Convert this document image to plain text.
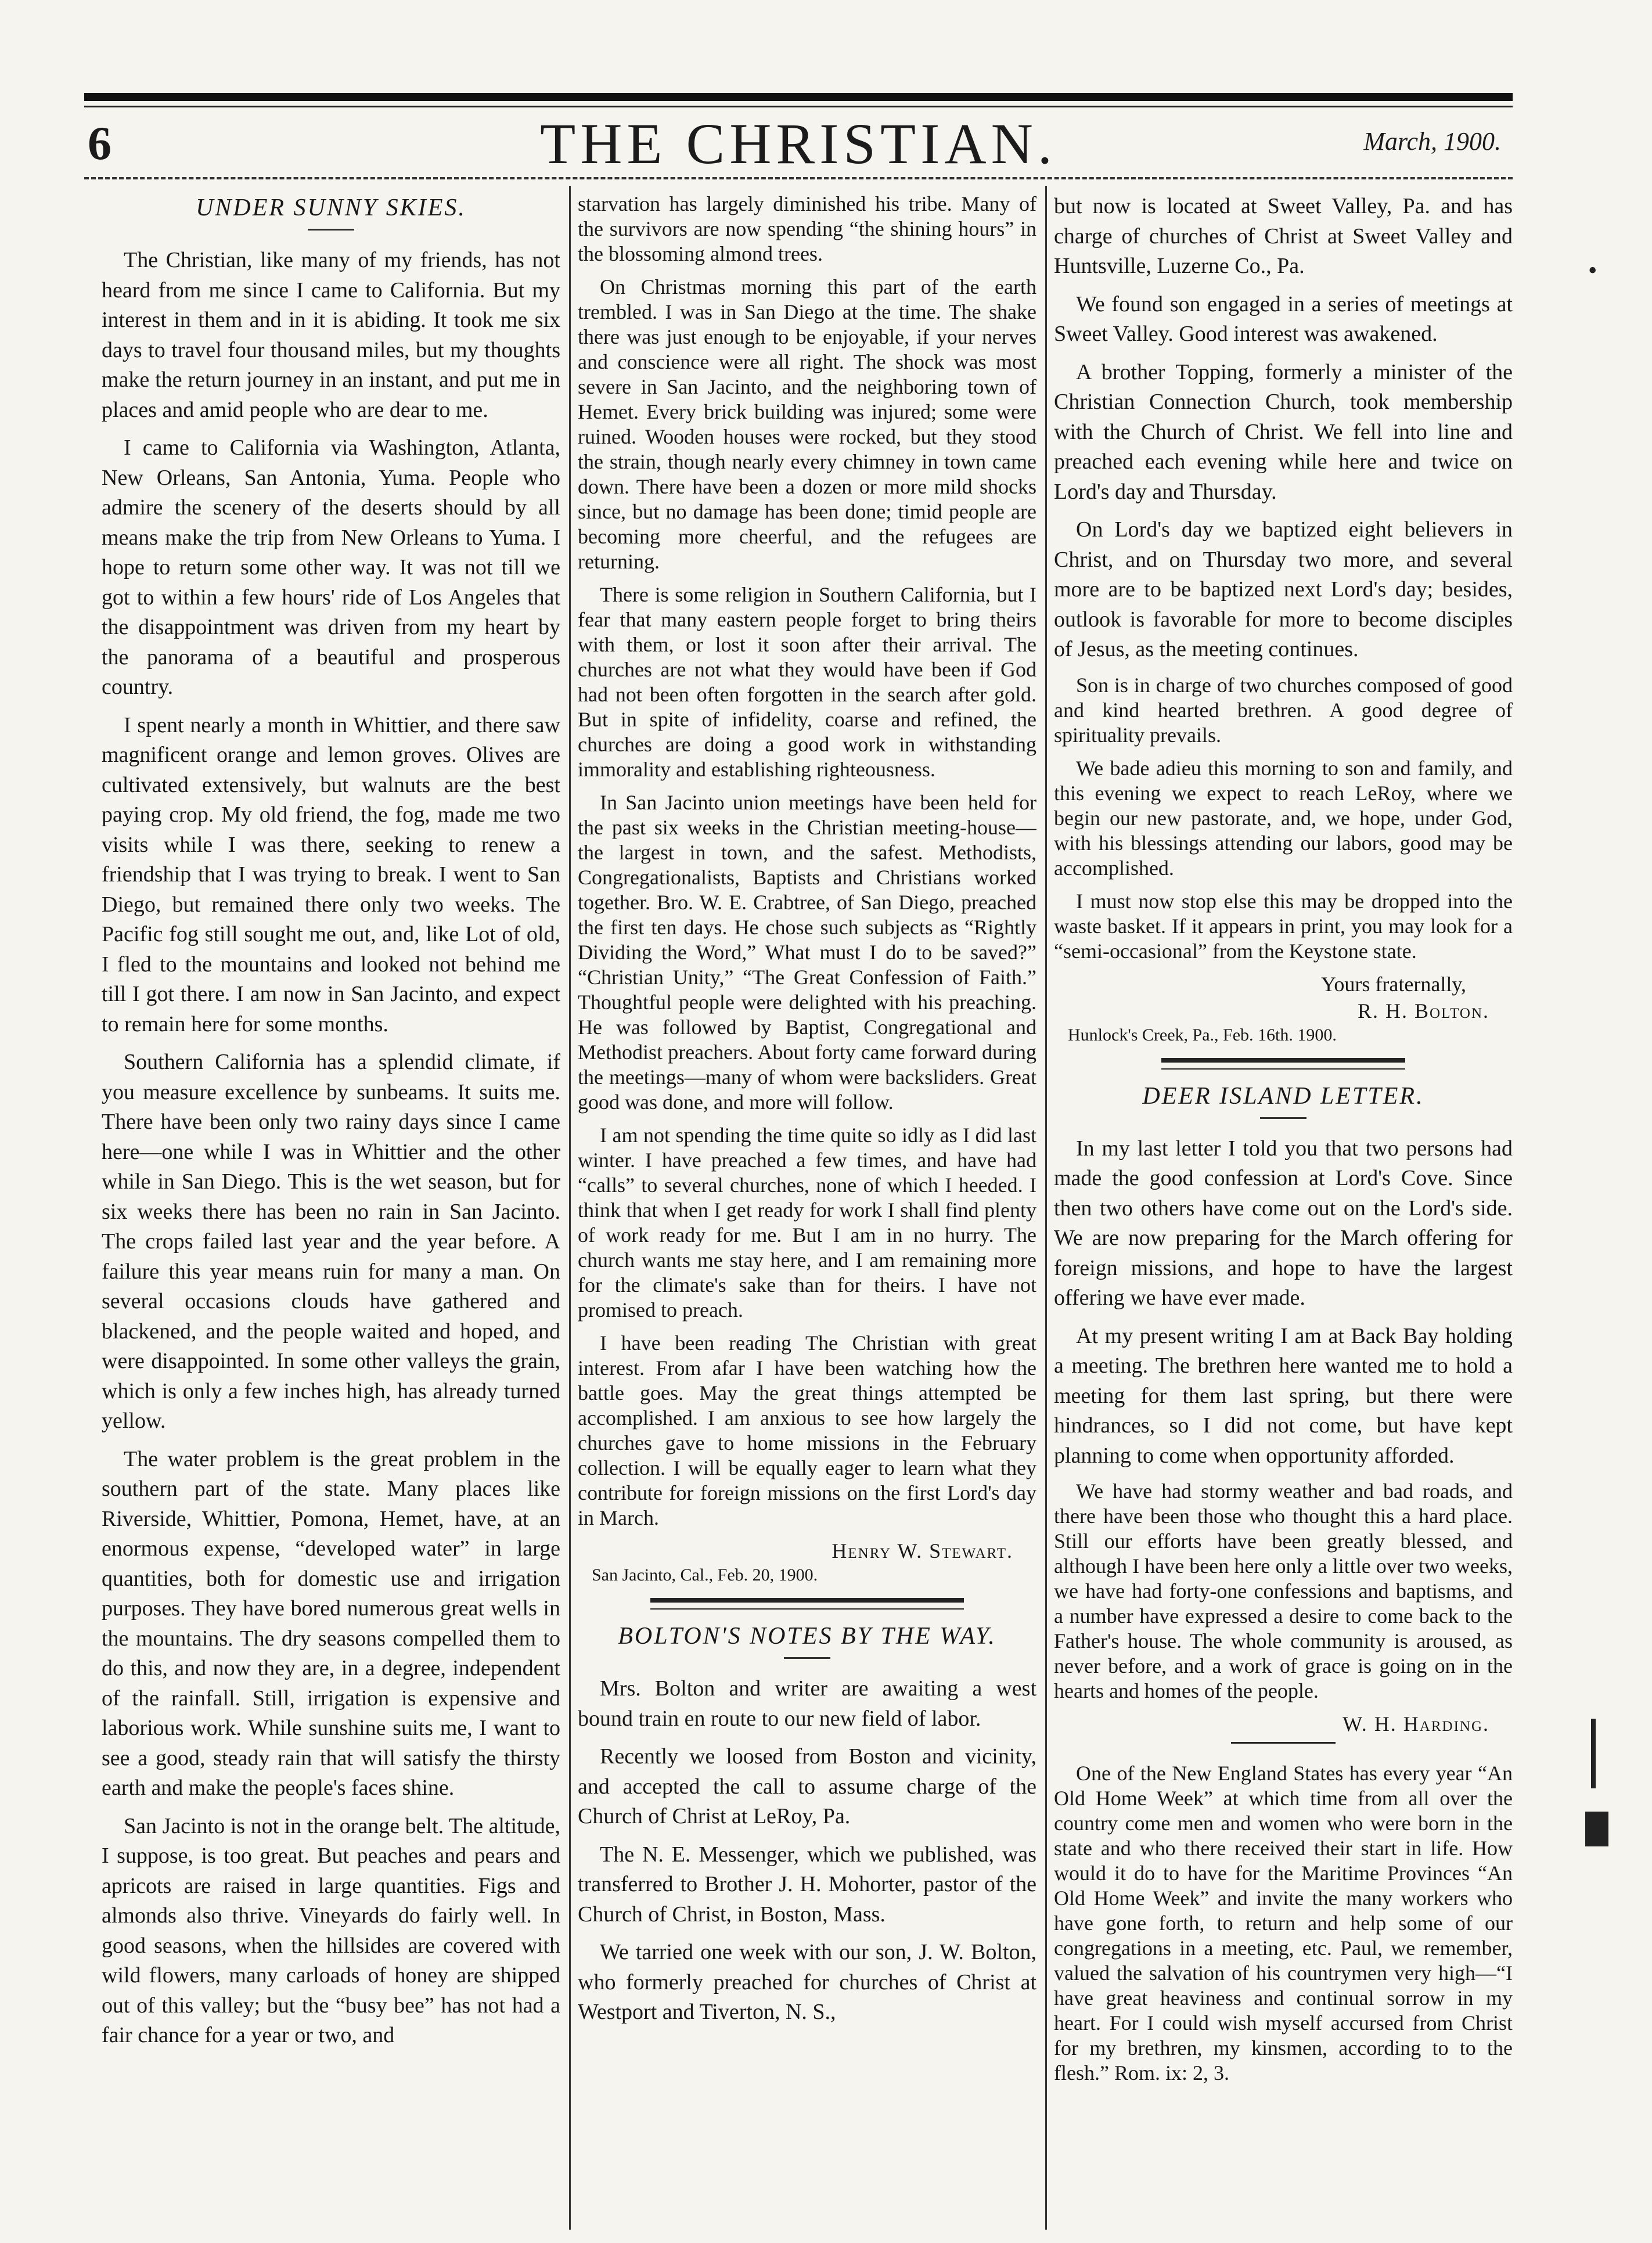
6	THE CHRISTIAN.	March, 1900.
UNDER SUNNY SKIES.

The Christian, like many of my friends, has not heard from me since I came to California. But my interest in them and in it is abiding. It took me six days to travel four thousand miles, but my thoughts make the return journey in an instant, and put me in places and amid people who are dear to me.

I came to California via Washington, Atlanta, New Orleans, San Antonia, Yuma. People who admire the scenery of the deserts should by all means make the trip from New Orleans to Yuma. I hope to return some other way. It was not till we got to within a few hours' ride of Los Angeles that the disappointment was driven from my heart by the panorama of a beautiful and prosperous country.

I spent nearly a month in Whittier, and there saw magnificent orange and lemon groves. Olives are cultivated extensively, but walnuts are the best paying crop. My old friend, the fog, made me two visits while I was there, seeking to renew a friendship that I was trying to break. I went to San Diego, but remained there only two weeks. The Pacific fog still sought me out, and, like Lot of old, I fled to the mountains and looked not behind me till I got there. I am now in San Jacinto, and expect to remain here for some months.

Southern California has a splendid climate, if you measure excellence by sunbeams. It suits me. There have been only two rainy days since I came here—one while I was in Whittier and the other while in San Diego. This is the wet season, but for six weeks there has been no rain in San Jacinto. The crops failed last year and the year before. A failure this year means ruin for many a man. On several occasions clouds have gathered and blackened, and the people waited and hoped, and were disappointed. In some other valleys the grain, which is only a few inches high, has already turned yellow.

The water problem is the great problem in the southern part of the state. Many places like Riverside, Whittier, Pomona, Hemet, have, at an enormous expense, “developed water” in large quantities, both for domestic use and irrigation purposes. They have bored numerous great wells in the mountains. The dry seasons compelled them to do this, and now they are, in a degree, independent of the rainfall. Still, irrigation is expensive and laborious work. While sunshine suits me, I want to see a good, steady rain that will satisfy the thirsty earth and make the people's faces shine.

San Jacinto is not in the orange belt. The altitude, I suppose, is too great. But peaches and pears and apricots are raised in large quantities. Figs and almonds also thrive. Vineyards do fairly well. In good seasons, when the hillsides are covered with wild flowers, many carloads of honey are shipped out of this valley; but the “busy bee” has not had a fair chance for a year or two, and

starvation has largely diminished his tribe. Many of the survivors are now spending “the shining hours” in the blossoming almond trees.

On Christmas morning this part of the earth trembled. I was in San Diego at the time. The shake there was just enough to be enjoyable, if your nerves and conscience were all right. The shock was most severe in San Jacinto, and the neighboring town of Hemet. Every brick building was injured; some were ruined. Wooden houses were rocked, but they stood the strain, though nearly every chimney in town came down. There have been a dozen or more mild shocks since, but no damage has been done; timid people are becoming more cheerful, and the refugees are returning.

There is some religion in Southern California, but I fear that many eastern people forget to bring theirs with them, or lost it soon after their arrival. The churches are not what they would have been if God had not been often forgotten in the search after gold. But in spite of infidelity, coarse and refined, the churches are doing a good work in withstanding immorality and establishing righteousness.

In San Jacinto union meetings have been held for the past six weeks in the Christian meeting-house—the largest in town, and the safest. Methodists, Congregationalists, Baptists and Christians worked together. Bro. W. E. Crabtree, of San Diego, preached the first ten days. He chose such subjects as “Rightly Dividing the Word,” What must I do to be saved?” “Christian Unity,” “The Great Confession of Faith.” Thoughtful people were delighted with his preaching. He was followed by Baptist, Congregational and Methodist preachers. About forty came forward during the meetings—many of whom were backsliders. Great good was done, and more will follow.

I am not spending the time quite so idly as I did last winter. I have preached a few times, and have had “calls” to several churches, none of which I heeded. I think that when I get ready for work I shall find plenty of work ready for me. But I am in no hurry. The church wants me stay here, and I am remaining more for the climate's sake than for theirs. I have not promised to preach.

I have been reading The Christian with great interest. From afar I have been watching how the battle goes. May the great things attempted be accomplished. I am anxious to see how largely the churches gave to home missions in the February collection. I will be equally eager to learn what they contribute for foreign missions on the first Lord's day in March.

Henry W. Stewart.
San Jacinto, Cal., Feb. 20, 1900.
BOLTON'S NOTES BY THE WAY.

Mrs. Bolton and writer are awaiting a west bound train en route to our new field of labor.

Recently we loosed from Boston and vicinity, and accepted the call to assume charge of the Church of Christ at LeRoy, Pa.

The N. E. Messenger, which we published, was transferred to Brother J. H. Mohorter, pastor of the Church of Christ, in Boston, Mass.

We tarried one week with our son, J. W. Bolton, who formerly preached for churches of Christ at Westport and Tiverton, N. S.,

but now is located at Sweet Valley, Pa. and has charge of churches of Christ at Sweet Valley and Huntsville, Luzerne Co., Pa.

We found son engaged in a series of meetings at Sweet Valley. Good interest was awakened.

A brother Topping, formerly a minister of the Christian Connection Church, took membership with the Church of Christ. We fell into line and preached each evening while here and twice on Lord's day and Thursday.

On Lord's day we baptized eight believers in Christ, and on Thursday two more, and several more are to be baptized next Lord's day; besides, outlook is favorable for more to become disciples of Jesus, as the meeting continues.

Son is in charge of two churches composed of good and kind hearted brethren. A good degree of spirituality prevails.

We bade adieu this morning to son and family, and this evening we expect to reach LeRoy, where we begin our new pastorate, and, we hope, under God, with his blessings attending our labors, good may be accomplished.

I must now stop else this may be dropped into the waste basket. If it appears in print, you may look for a “semi-occasional” from the Keystone state.

Yours fraternally,
R. H. Bolton.
Hunlock's Creek, Pa., Feb. 16th. 1900.
DEER ISLAND LETTER.

In my last letter I told you that two persons had made the good confession at Lord's Cove. Since then two others have come out on the Lord's side. We are now preparing for the March offering for foreign missions, and hope to have the largest offering we have ever made.

At my present writing I am at Back Bay holding a meeting. The brethren here wanted me to hold a meeting for them last spring, but there were hindrances, so I did not come, but have kept planning to come when opportunity afforded.

We have had stormy weather and bad roads, and there have been those who thought this a hard place. Still our efforts have been greatly blessed, and although I have been here only a little over two weeks, we have had forty-one confessions and baptisms, and a number have expressed a desire to come back to the Father's house. The whole community is aroused, as never before, and a work of grace is going on in the hearts and homes of the people.

W. H. Harding.

One of the New England States has every year “An Old Home Week” at which time from all over the country come men and women who were born in the state and who there received their start in life. How would it do to have for the Maritime Provinces “An Old Home Week” and invite the many workers who have gone forth, to return and help some of our congregations in a meeting, etc. Paul, we remember, valued the salvation of his countrymen very high—“I have great heaviness and continual sorrow in my heart. For I could wish myself accursed from Christ for my brethren, my kinsmen, according to to the flesh.” Rom. ix: 2, 3.

•
